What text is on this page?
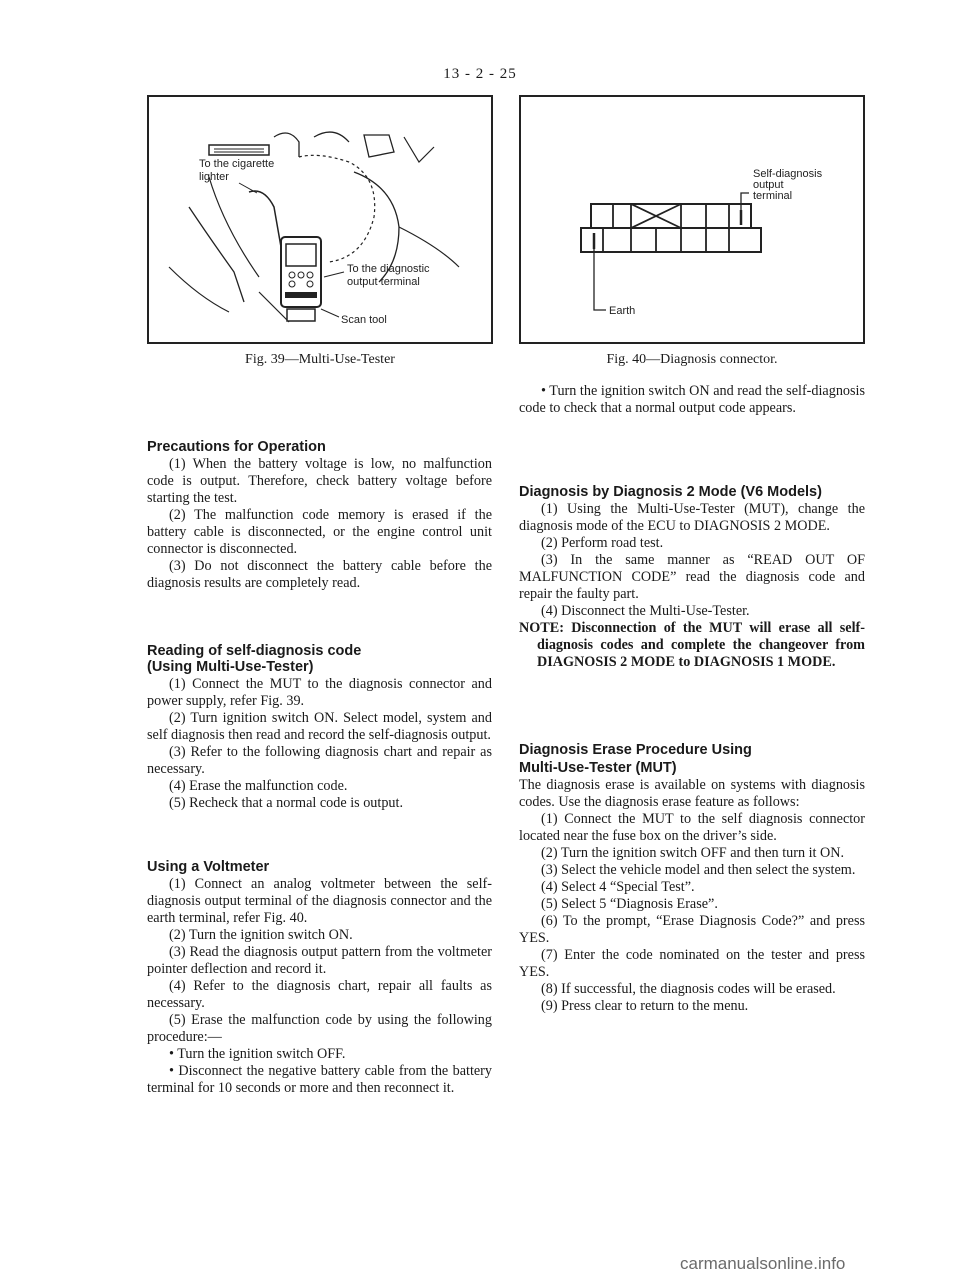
13 - 2 - 25
To the cigarette
lighter
To the diagnostic
output terminal
Scan tool
Fig. 39—Multi-Use-Tester
Self-diagnosis
output
terminal
Earth
Fig. 40—Diagnosis connector.

Precautions for Operation

(1) When the battery voltage is low, no malfunction code is output. Therefore, check battery voltage before starting the test.

(2) The malfunction code memory is erased if the battery cable is disconnected, or the engine control unit connector is disconnected.

(3) Do not disconnect the battery cable before the diagnosis results are completely read.

Reading of self-diagnosis code

(Using Multi-Use-Tester)

(1) Connect the MUT to the diagnosis connector and power supply, refer Fig. 39.

(2) Turn ignition switch ON. Select model, system and self diagnosis then read and record the self-diagnosis output.

(3) Refer to the following diagnosis chart and repair as necessary.

(4) Erase the malfunction code.

(5) Recheck that a normal code is output.

Using a Voltmeter

(1) Connect an analog voltmeter between the self-diagnosis output terminal of the diagnosis connector and the earth terminal, refer Fig. 40.

(2) Turn the ignition switch ON.

(3) Read the diagnosis output pattern from the voltmeter pointer deflection and record it.

(4) Refer to the diagnosis chart, repair all faults as necessary.

(5) Erase the malfunction code by using the following procedure:—

• Turn the ignition switch OFF.

• Disconnect the negative battery cable from the battery terminal for 10 seconds or more and then reconnect it.

• Turn the ignition switch ON and read the self-diagnosis code to check that a normal output code appears.

Diagnosis by Diagnosis 2 Mode (V6 Models)

(1) Using the Multi-Use-Tester (MUT), change the diagnosis mode of the ECU to DIAGNOSIS 2 MODE.

(2) Perform road test.

(3) In the same manner as “READ OUT OF MALFUNCTION CODE” read the diagnosis code and repair the faulty part.

(4) Disconnect the Multi-Use-Tester.

NOTE: Disconnection of the MUT will erase all self-diagnosis codes and complete the changeover from DIAGNOSIS 2 MODE to DIAGNOSIS 1 MODE.

Diagnosis Erase Procedure Using

Multi-Use-Tester (MUT)

The diagnosis erase is available on systems with diagnosis codes. Use the diagnosis erase feature as follows:

(1) Connect the MUT to the self diagnosis connector located near the fuse box on the driver’s side.

(2) Turn the ignition switch OFF and then turn it ON.

(3) Select the vehicle model and then select the system.

(4) Select 4 “Special Test”.

(5) Select 5 “Diagnosis Erase”.

(6) To the prompt, “Erase Diagnosis Code?” and press YES.

(7) Enter the code nominated on the tester and press YES.

(8) If successful, the diagnosis codes will be erased.

(9) Press clear to return to the menu.

carmanualsonline.info
